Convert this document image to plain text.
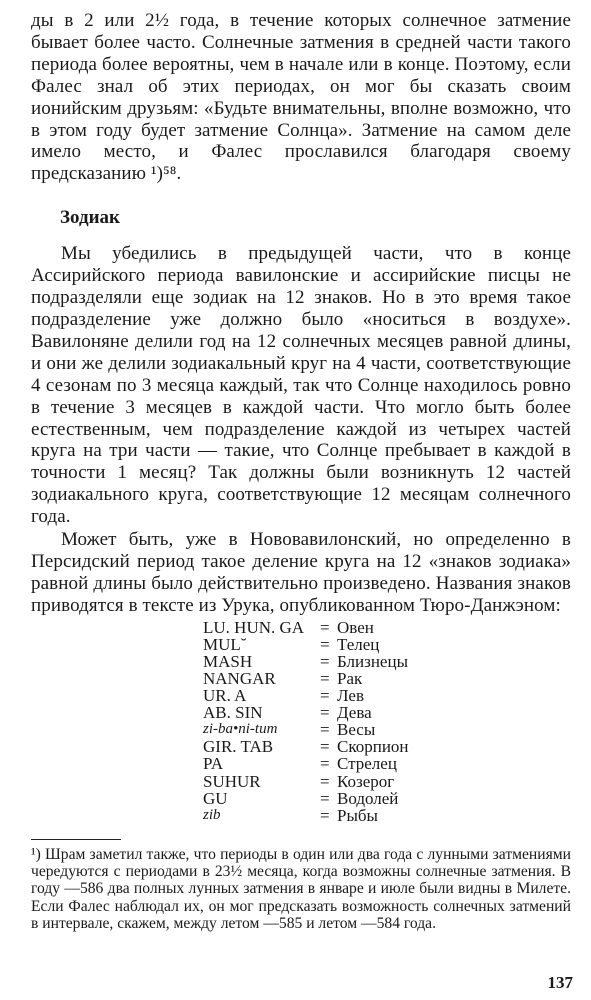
ды в 2 или 2½ года, в течение которых солнечное затмение бывает более часто. Солнечные затмения в средней части такого периода более вероятны, чем в начале или в конце. Поэтому, если Фалес знал об этих периодах, он мог бы сказать своим ионийским друзьям: «Будьте внимательны, вполне возможно, что в этом году будет затмение Солнца». Затмение на самом деле имело место, и Фалес прославился благодаря своему предсказанию ¹)⁵⁸.

Зодиак

Мы убедились в предыдущей части, что в конце Ассирийского периода вавилонские и ассирийские писцы не подразделяли еще зодиак на 12 знаков. Но в это время такое подразделение уже должно было «носиться в воздухе». Вавилоняне делили год на 12 солнечных месяцев равной длины, и они же делили зодиакальный круг на 4 части, соответствующие 4 сезонам по 3 месяца каждый, так что Солнце находилось ровно в течение 3 месяцев в каждой части. Что могло быть более естественным, чем подразделение каждой из четырех частей круга на три части — такие, что Солнце пребывает в каждой в точности 1 месяц? Так должны были возникнуть 12 частей зодиакального круга, соответствующие 12 месяцам солнечного года.

Может быть, уже в Нововавилонский, но определенно в Персидский период такое деление круга на 12 «знаков зодиака» равной длины было действительно произведено. Названия знаков приводятся в тексте из Урука, опубликованном Тюро-Данжэном:

LU. HUN. GA = Овен
MUL˘	= Телец
MASH	= Близнецы
NANGAR	= Рак
UR. A	= Лев
AB. SIN	= Дева
zi-ba•ni-tum	= Весы
GIR. TAB	= Скорпион
PA	= Стрелец
SUHUR	= Козерог
GU	= Водолей
zib	= Рыбы

¹) Шрам заметил также, что периоды в один или два года с лунными затмениями чередуются с периодами в 23½ месяца, когда возможны солнечные затмения. В году —586 два полных лунных затмения в январе и июле были видны в Милете. Если Фалес наблюдал их, он мог предсказать возможность солнечных затмений в интервале, скажем, между летом —585 и летом —584 года.

137
